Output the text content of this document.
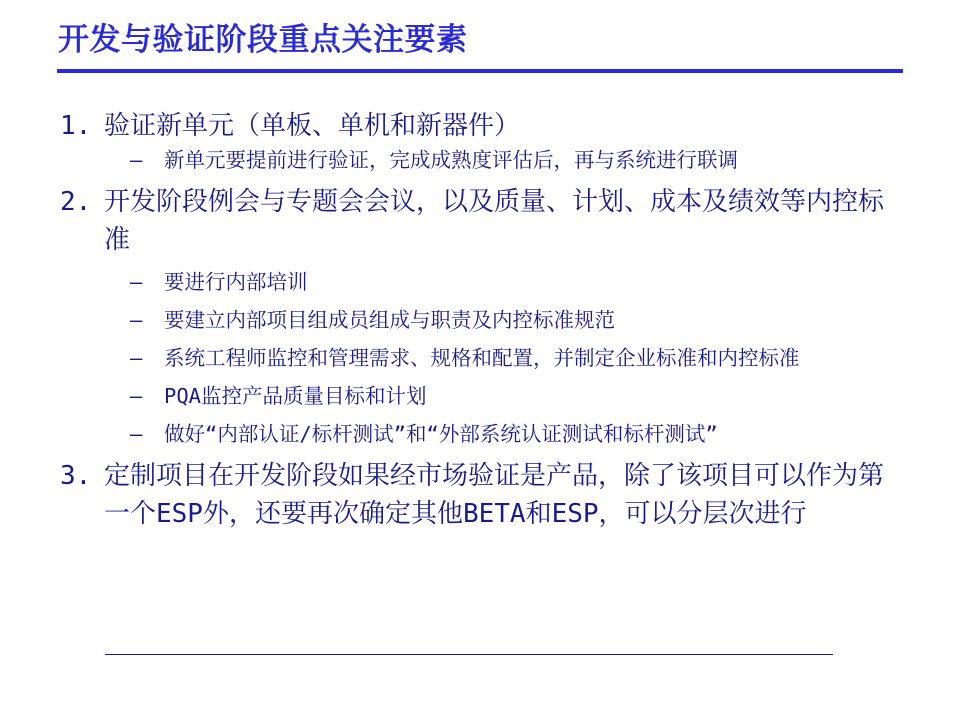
开发与验证阶段重点关注要素
1. 验证新单元（单板、单机和新器件）
–	新单元要提前进行验证，完成成熟度评估后，再与系统进行联调
2. 开发阶段例会与专题会会议，以及质量、计划、成本及绩效等内控标准
–	要进行内部培训
–	要建立内部项目组成员组成与职责及内控标准规范
–	系统工程师监控和管理需求、规格和配置，并制定企业标准和内控标准
–	PQA监控产品质量目标和计划
–	做好“内部认证/标杆测试”和“外部系统认证测试和标杆测试”
3. 定制项目在开发阶段如果经市场验证是产品，除了该项目可以作为第一个ESP外，还要再次确定其他BETA和ESP，可以分层次进行
